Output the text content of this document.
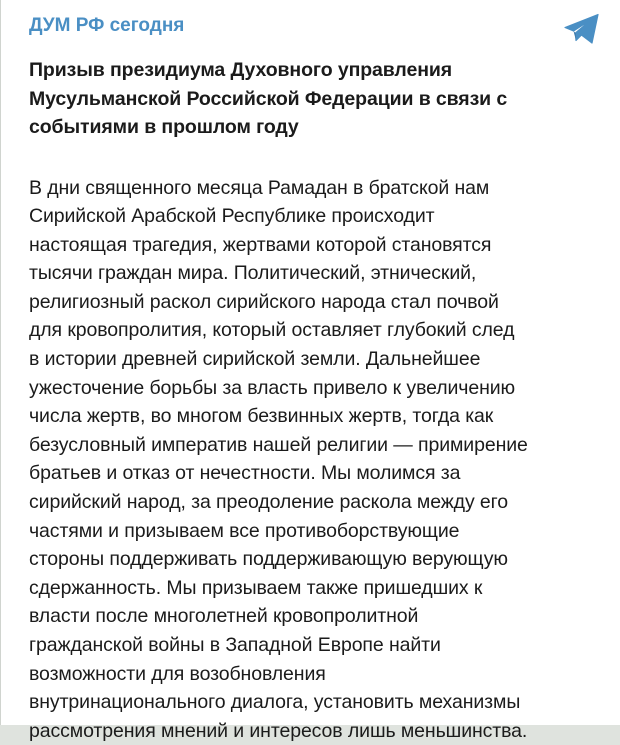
ДУМ РФ сегодня
Призыв президиума Духовного управления
Мусульманской Российской Федерации в связи с
событиями в прошлом году
В дни священного месяца Рамадан в братской нам
Сирийской Арабской Республике происходит
настоящая трагедия, жертвами которой становятся
тысячи граждан мира. Политический, этнический,
религиозный раскол сирийского народа стал почвой
для кровопролития, который оставляет глубокий след
в истории древней сирийской земли. Дальнейшее
ужесточение борьбы за власть привело к увеличению
числа жертв, во многом безвинных жертв, тогда как
безусловный императив нашей религии — примирение
братьев и отказ от нечестности. Мы молимся за
сирийский народ, за преодоление раскола между его
частями и призываем все противоборствующие
стороны поддерживать поддерживающую верующую
сдержанность. Мы призываем также пришедших к
власти после многолетней кровопролитной
гражданской войны в Западной Европе найти
возможности для возобновления
внутринационального диалога, установить механизмы
рассмотрения мнений и интересов лишь меньшинства.
